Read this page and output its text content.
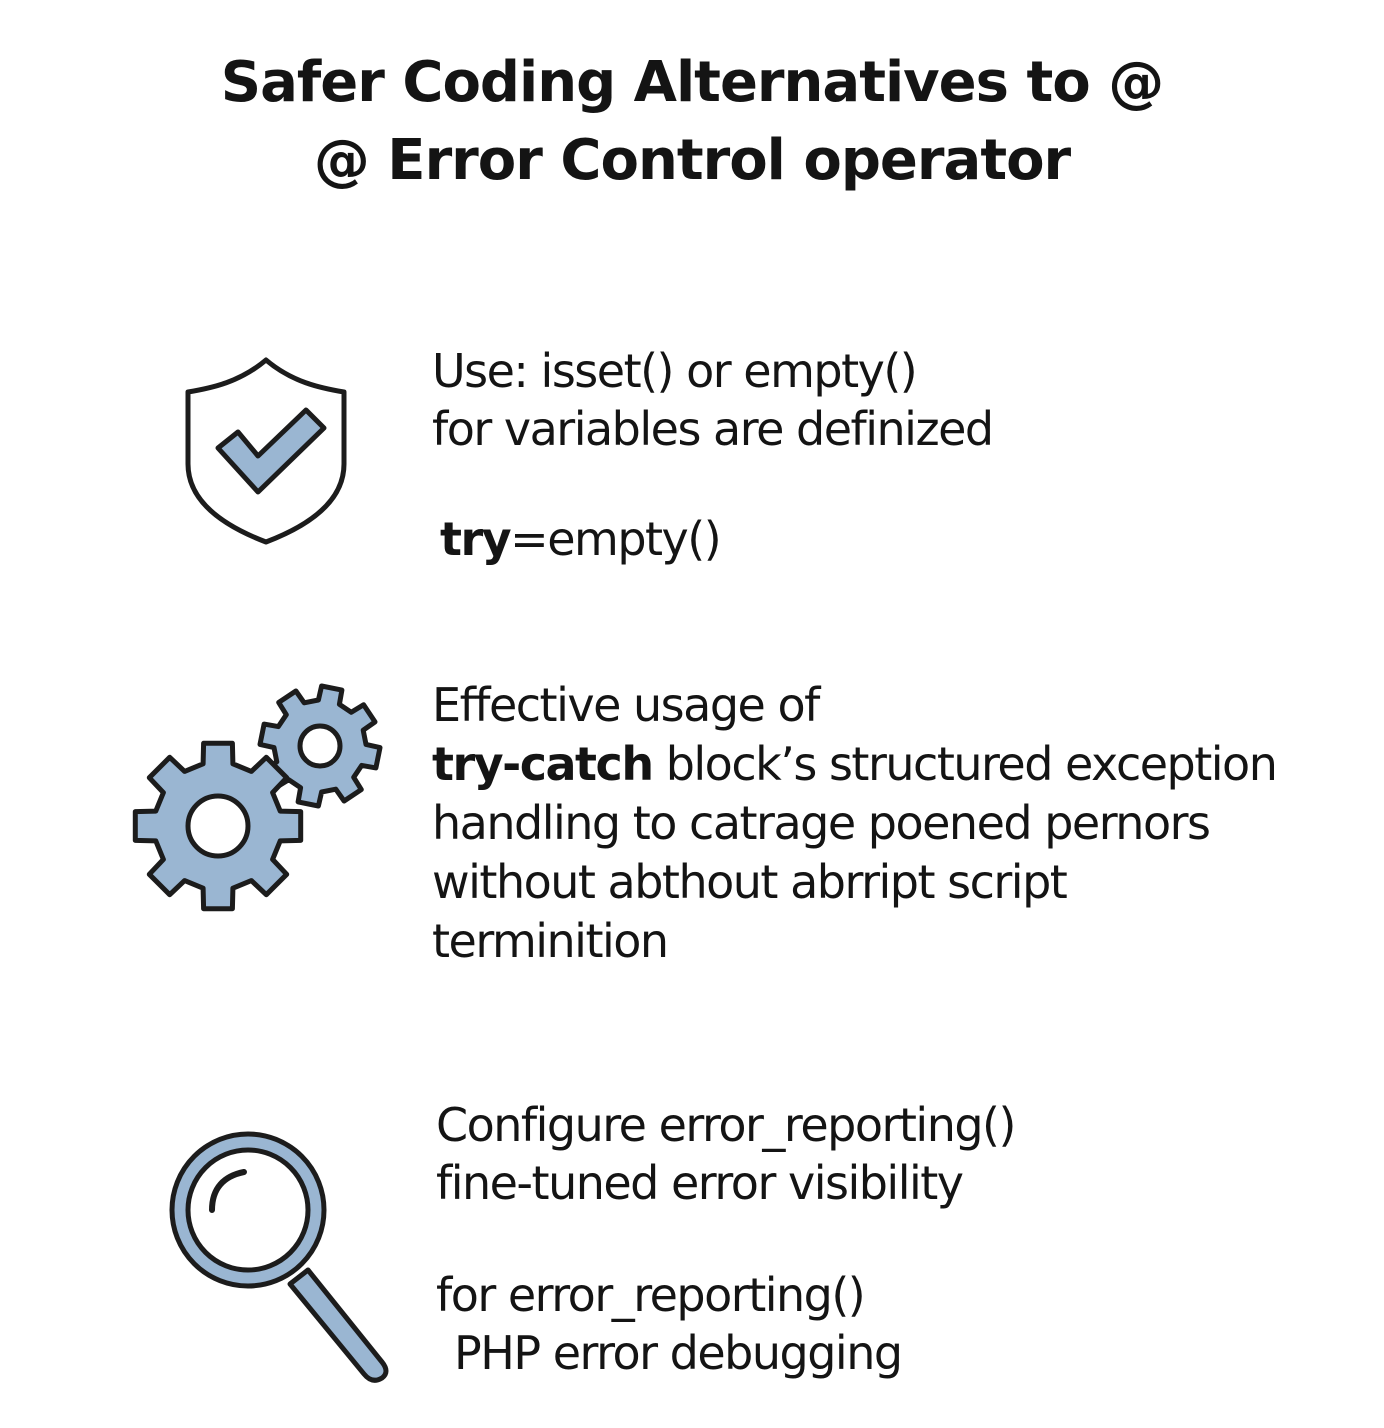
Safer Coding Alternatives to @
@ Error Control operator
Use: isset() or empty()
for variables are definized
try=empty()
Effective usage of
try-catch block’s structured exception
handling to catrage poened pernors
without abthout abrript script
terminition
Configure error_reporting()
fine-tuned error visibility
for error_reporting()
PHP error debugging
